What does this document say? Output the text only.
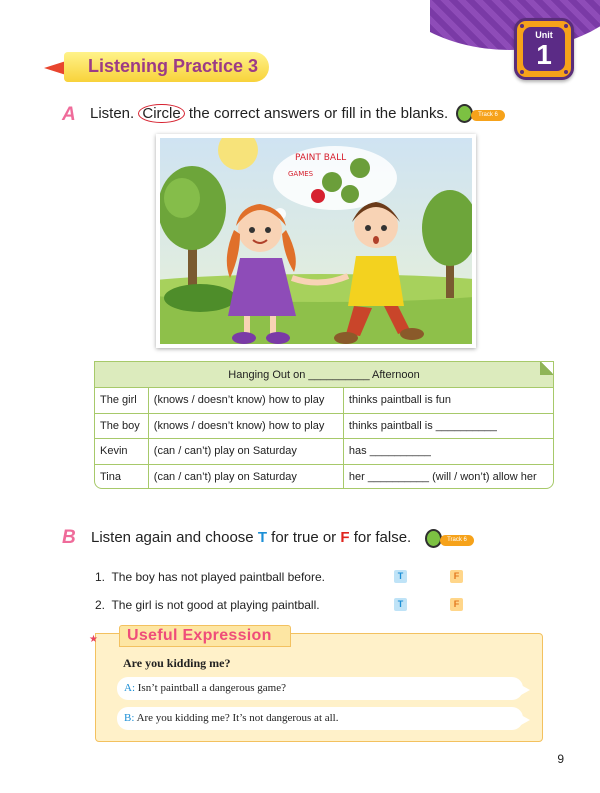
Unit
1
Listening Practice 3
A Listen. Circle the correct answers or fill in the blanks.	Track 6
PAINT BALL
GAMES
Hanging Out on __________ Afternoon
The girl	(knows / doesn’t know) how to play	thinks paintball is fun
The boy	(knows / doesn’t know) how to play	thinks paintball is __________
Kevin	(can / can’t) play on Saturday	has __________
Tina	(can / can’t) play on Saturday	her __________ (will / won’t) allow her
B Listen again and choose T for true or F for false.	Track 6
1. The boy has not played paintball before.	T	F
2. The girl is not good at playing paintball.	T	F
★ Useful Expression
Are you kidding me?
A: Isn’t paintball a dangerous game?
B: Are you kidding me? It’s not dangerous at all.
9
